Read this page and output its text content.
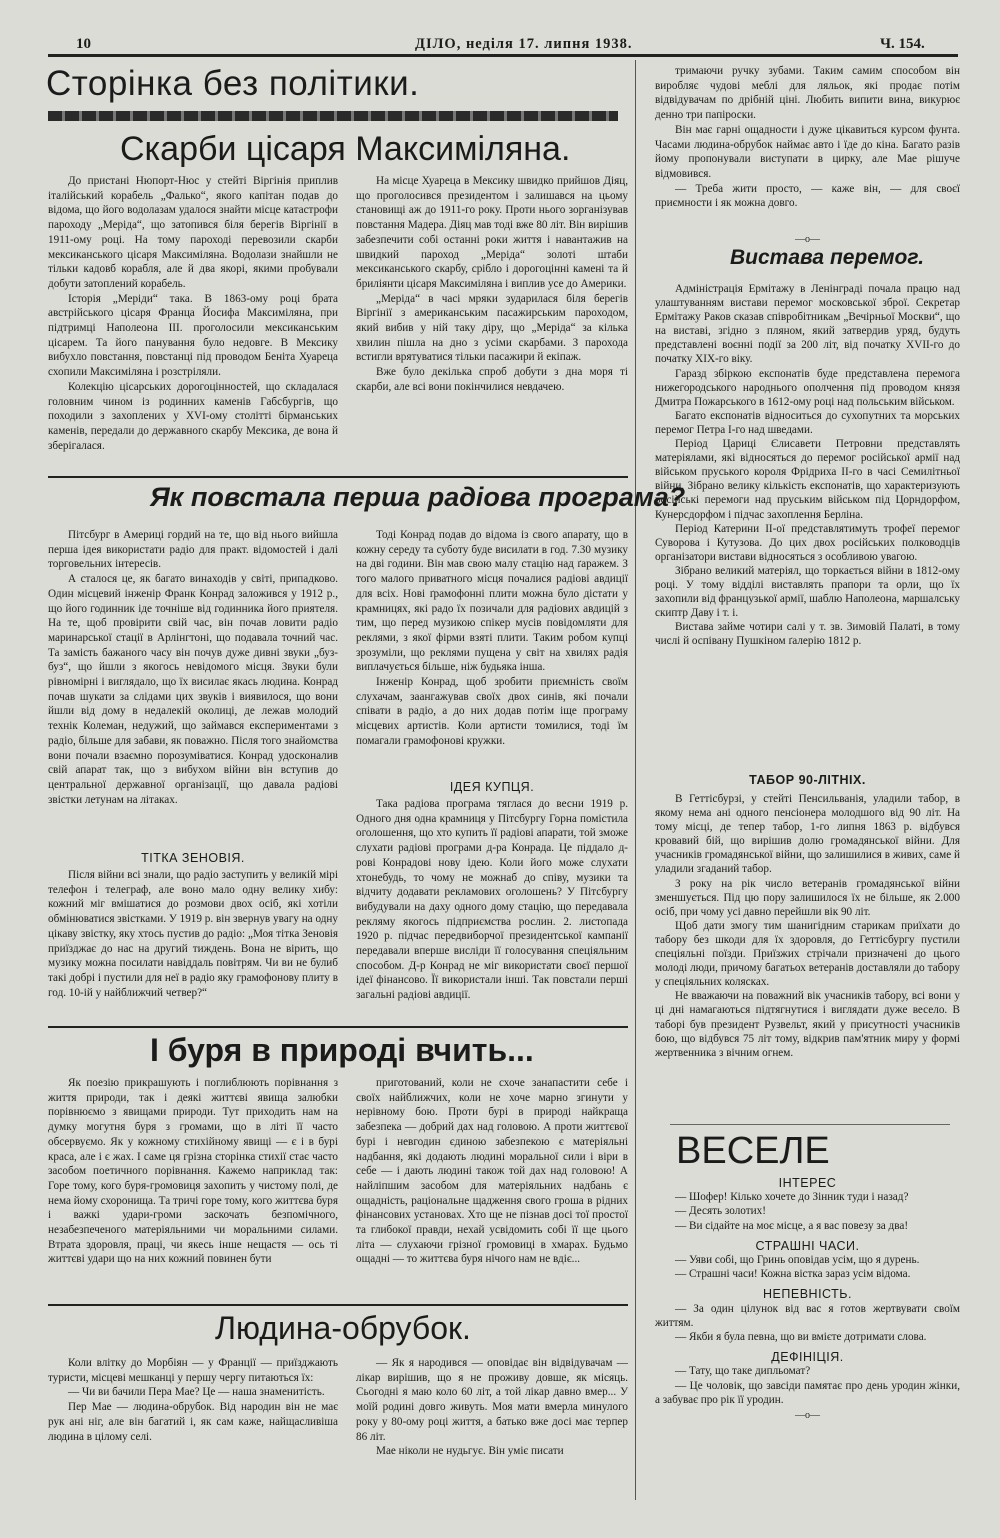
10	ДІЛО, неділя 17. липня 1938.	Ч. 154.
Сторінка без політики.
Скарби цісаря Максиміляна.

До пристані Нюпорт-Нюс у стейті Віргінія приплив італійський корабель „Фалько“, якого капітан подав до відома, що його водолазам удалося знайти місце катастрофи пароходу „Меріда“, що затопився біля берегів Віргінії в 1911-ому році. На тому пароході перевозили скарби мексиканського цісаря Максиміляна. Водолази знайшли не тільки кадовб корабля, але й два якорі, якими пробували добути затоплений корабель.

Історія „Меріди“ така. В 1863-ому році брата австрійського цісаря Франца Йосифа Максиміляна, при підтримці Наполеона ІІІ. проголосили мексиканським цісарем. Та його панування було недовге. В Мексику вибухло повстання, повстанці під проводом Беніта Хуареца схопили Максиміляна і розстріляли.

Колекцію цісарських дорогоцінностей, що складалася головним чином із родинних каменів Габсбургів, що походили з захоплених у XVI-ому столітті бірманських каменів, передали до державного скарбу Мексика, де вона й зберігалася.

На місце Хуареца в Мексику швидко прийшов Діяц, що проголосився президентом і залишався на цьому становищі аж до 1911-го року. Проти нього зорганізував повстання Мадера. Діяц мав тоді вже 80 літ. Він вирішив забезпечити собі останні роки життя і навантажив на швидкий пароход „Меріда“ золоті штаби мексиканського скарбу, срібло і дорогоцінні камені та й бриліянти цісаря Максиміляна і виплив усе до Америки.

„Меріда“ в часі мряки зударилася біля берегів Віргінії з американським пасажирським пароходом, який вибив у ній таку діру, що „Меріда“ за кілька хвилин пішла на дно з усіми скарбами. З парохода встигли врятуватися тільки пасажири й екіпаж.

Вже було декілька спроб добути з дна моря ті скарби, але всі вони покінчилися невдачею.

Як повстала перша радіова програма?

Пітсбург в Америці гордий на те, що від нього вийшла перша ідея використати радіо для практ. відомостей і далі торговельних інтересів.

А сталося це, як багато винаходів у світі, припадково. Один місцевий інженір Франк Конрад заложився у 1912 р., що його годинник іде точніше від годинника його приятеля. На те, щоб провірити свій час, він почав ловити радіо маринарської стації в Арлінгтоні, що подавала точний час. Та замість бажаного часу він почув дуже дивні звуки „буз-буз“, що йшли з якогось невідомого місця. Звуки були рівномірні і виглядало, що їх висилає якась людина. Конрад почав шукати за слідами цих звуків і виявилося, що вони йшли від дому в недалекій околиці, де лежав молодий технік Колеман, недужий, що займався експериментами з радіо, більше для забави, як поважно. Після того знайомства вони почали взаємно порозуміватися. Конрад удосконалив свій апарат так, що з вибухом війни він вступив до центральної державної організації, що давала радіові звістки летунам на літаках.

ТІТКА ЗЕНОВІЯ.

Після війни всі знали, що радіо заступить у великій мірі телефон і телеграф, але воно мало одну велику хибу: кожний міг вмішатися до розмови двох осіб, які хотіли обмінюватися звістками. У 1919 р. він звернув увагу на одну цікаву звістку, яку хтось пустив до радіо: „Моя тітка Зеновія приїзджає до нас на другий тиждень. Вона не вірить, що музику можна посилати навіддаль повітрям. Чи ви не булиб такі добрі і пустили для неї в радіо яку грамофонову плиту в год. 10-ій у найближчий четвер?“

Тоді Конрад подав до відома із свого апарату, що в кожну середу та суботу буде висилати в год. 7.30 музику на дві години. Він мав свою малу стацію над ґаражем. З того малого приватного місця почалися радіові авдиції для всіх. Нові ґрамофонні плити можна було дістати у крамницях, які радо їх позичали для радіових авдицій з тим, що перед музикою спікер мусів повідомляти для реклями, з якої фірми взяті плити. Таким робом купці зрозуміли, що реклями пущена у світ на хвилях радія виплачується більше, ніж будьяка інша.

Інженір Конрад, щоб зробити приємність своїм слухачам, заангажував своїх двох синів, які почали співати в радіо, а до них додав потім іще програму місцевих артистів. Коли артисти томилися, тоді їм помагали грамофонові кружки.

ІДЕЯ КУПЦЯ.

Така радіова програма тяглася до весни 1919 р. Одного дня одна крамниця у Пітсбургу Горна помістила оголошення, що хто купить її радіові апарати, той зможе слухати радіові програми д-ра Конрада. Це піддало д-рові Конрадові нову ідею. Коли його може слухати хтонебудь, то чому не можнаб до співу, музики та відчиту додавати рекламових оголошень? У Пітсбургу вибудували на даху одного дому стацію, що передавала рекляму якогось підприємства рослин. 2. листопада 1920 р. підчас передвиборчої президентської кампанії передавали вперше висліди її голосування спеціяльним способом. Д-р Конрад не міг використати своєї першої ідеї фінансово. Її використали інші. Так повстали перші загальні радіові авдиції.

І буря в природі вчить...

Як поезію прикрашують і поглиблюють порівнання з життя природи, так і деякі життєві явища залюбки порівнюємо з явищами природи. Тут приходить нам на думку могутня буря з громами, що в літі її часто обсервуємо. Як у кожному стихійному явищі — є і в бурі краса, але і є жах. І саме ця грізна сторінка стихії стає часто засобом поетичного порівнання. Кажемо наприклад так: Горе тому, кого буря-громовиця захопить у чистому полі, де нема йому схоронища. Та тричі горе тому, кого життєва буря і важкі удари-громи заскочать безпомічного, незабезпеченого матеріяльними чи моральними силами. Втрата здоровля, праці, чи якесь інше нещастя — ось ті життєві удари що на них кожний повинен бути

приготований, коли не схоче занапастити себе і своїх найближчих, коли не хоче марно згинути у нерівному бою. Проти бурі в природі найкраща забезпека — добрий дах над головою. А проти життєвої бурі і невгодин єдиною забезпекою є матеріяльні надбання, які додають людині моральної сили і віри в себе — і дають людині також той дах над головою! А найліпшим засобом для матеріяльних надбань є ощадність, раціональне щадження свого гроша в рідних фінансових установах. Хто ще не пізнав досі тої простої та глибокої правди, нехай усвідомить собі її ще цього літа — слухаючи грізної громовиці в хмарах. Будьмо ощадні — то життєва буря нічого нам не вдіє...

Людина-обрубок.

Коли влітку до Морбіян — у Франції — приїзджають туристи, місцеві мешканці у першу чергу питаються їх:

— Чи ви бачили Пера Мае? Це — наша знаменитість.

Пер Мае — людина-обрубок. Від народин він не має рук ані ніг, але він багатий і, як сам каже, найщасливіша людина в цілому селі.

— Як я народився — оповідає він відвідувачам — лікар вирішив, що я не проживу довше, як місяць. Сьогодні я маю коло 60 літ, а той лікар давно вмер... У моїй родині довго живуть. Моя мати вмерла минулого року у 80-ому році життя, а батько вже досі має терпер 86 літ.

Мае ніколи не нудьгує. Він уміє писати

тримаючи ручку зубами. Таким самим способом він виробляє чудові меблі для ляльок, які продає потім відвідувачам по дрібній ціні. Любить випити вина, викурює денно три папіроски.

Він має гарні ощадности і дуже цікавиться курсом фунта. Часами людина-обрубок наймає авто і їде до кіна. Багато разів йому пропонували виступати в цирку, але Мае рішуче відмовився.

— Треба жити просто, — каже він, — для своєї приємности і як можна довго.

—о—
Вистава перемог.

Адміністрація Ермітажу в Ленінграді почала працю над улаштуванням вистави перемог московської зброї. Секретар Ермітажу Раков сказав співробітникам „Вечірньої Москви“, що на виставі, згідно з пляном, який затвердив уряд, будуть представлені воєнні події за 200 літ, від початку XVII-го до початку XIX-го віку.

Гаразд збіркою експонатів буде представлена перемога нижегородського народнього ополчення під проводом князя Дмитра Пожарського в 1612-ому році над польським військом.

Багато експонатів відноситься до сухопутних та морських перемог Петра І-го над шведами.

Період Цариці Єлисавети Петровни представлять матеріялами, які відносяться до перемог російської армії над військом пруського короля Фрідриха ІІ-го в часі Семилітньої війни. Зібрано велику кількість експонатів, що характеризують російські перемоги над пруським військом під Цорндорфом, Кунерсдорфом і підчас захоплення Берліна.

Період Катерини ІІ-ої представлятимуть трофеї перемог Суворова і Кутузова. До цих двох російських полководців організатори вистави відносяться з особливою увагою.

Зібрано великий матеріял, що торкається війни в 1812-ому році. У тому відділі виставлять прапори та орли, що їх захопили від французької армії, шаблю Наполеона, маршалську скиптр Даву і т. і.

Вистава займе чотири салі у т. зв. Зимовій Палаті, в тому числі й оспівану Пушкіном ґалерію 1812 р.

ТАБОР 90-ЛІТНІХ.

В Геттісбурзі, у стейті Пенсильванія, уладили табор, в якому нема ані одного пенсіонера молодшого від 90 літ. На тому місці, де тепер табор, 1-го липня 1863 р. відбувся кровавий бій, що вирішив долю громадянської війни. Для учасників громадянської війни, що залишилися в живих, саме й уладили згаданий табор.

З року на рік число ветеранів громадянської війни зменшується. Під цю пору залишилося їх не більше, як 2.000 осіб, при чому усі давно перейшли вік 90 літ.

Щоб дати змогу тим шанигідним старикам приїхати до табору без шкоди для їх здоровля, до Геттісбургу пустили спеціяльні поїзди. Приїзжих стрічали призначені до цього молоді люди, причому багатьох ветеранів доставляли до табору у спеціяльних колясках.

Не вважаючи на поважний вік учасників табору, всі вони у ці дні намагаються підтягнутися і виглядати дуже весело. В таборі був президент Рузвельт, який у присутності учасників бою, що відбувся 75 літ тому, відкрив пам'ятник миру у формі жертвенника з вічним огнем.

ВЕСЕЛЕ
ІНТЕРЕС

— Шофер! Кілько хочете до Зінник туди і назад?

— Десять золотих!

— Ви сідайте на моє місце, а я вас повезу за два!

СТРАШНІ ЧАСИ.

— Уяви собі, що Гринь оповідав усім, що я дурень.

— Страшні часи! Кожна вістка зараз усім відома.

НЕПЕВНІСТЬ.

— За один цілунок від вас я готов жертвувати своїм життям.

— Якби я була певна, що ви вмієте дотримати слова.

ДЕФІНІЦІЯ.

— Тату, що таке дипльомат?

— Це чоловік, що завсіди памятає про день уродин жінки, а забуває про рік її уродин.

—о—
